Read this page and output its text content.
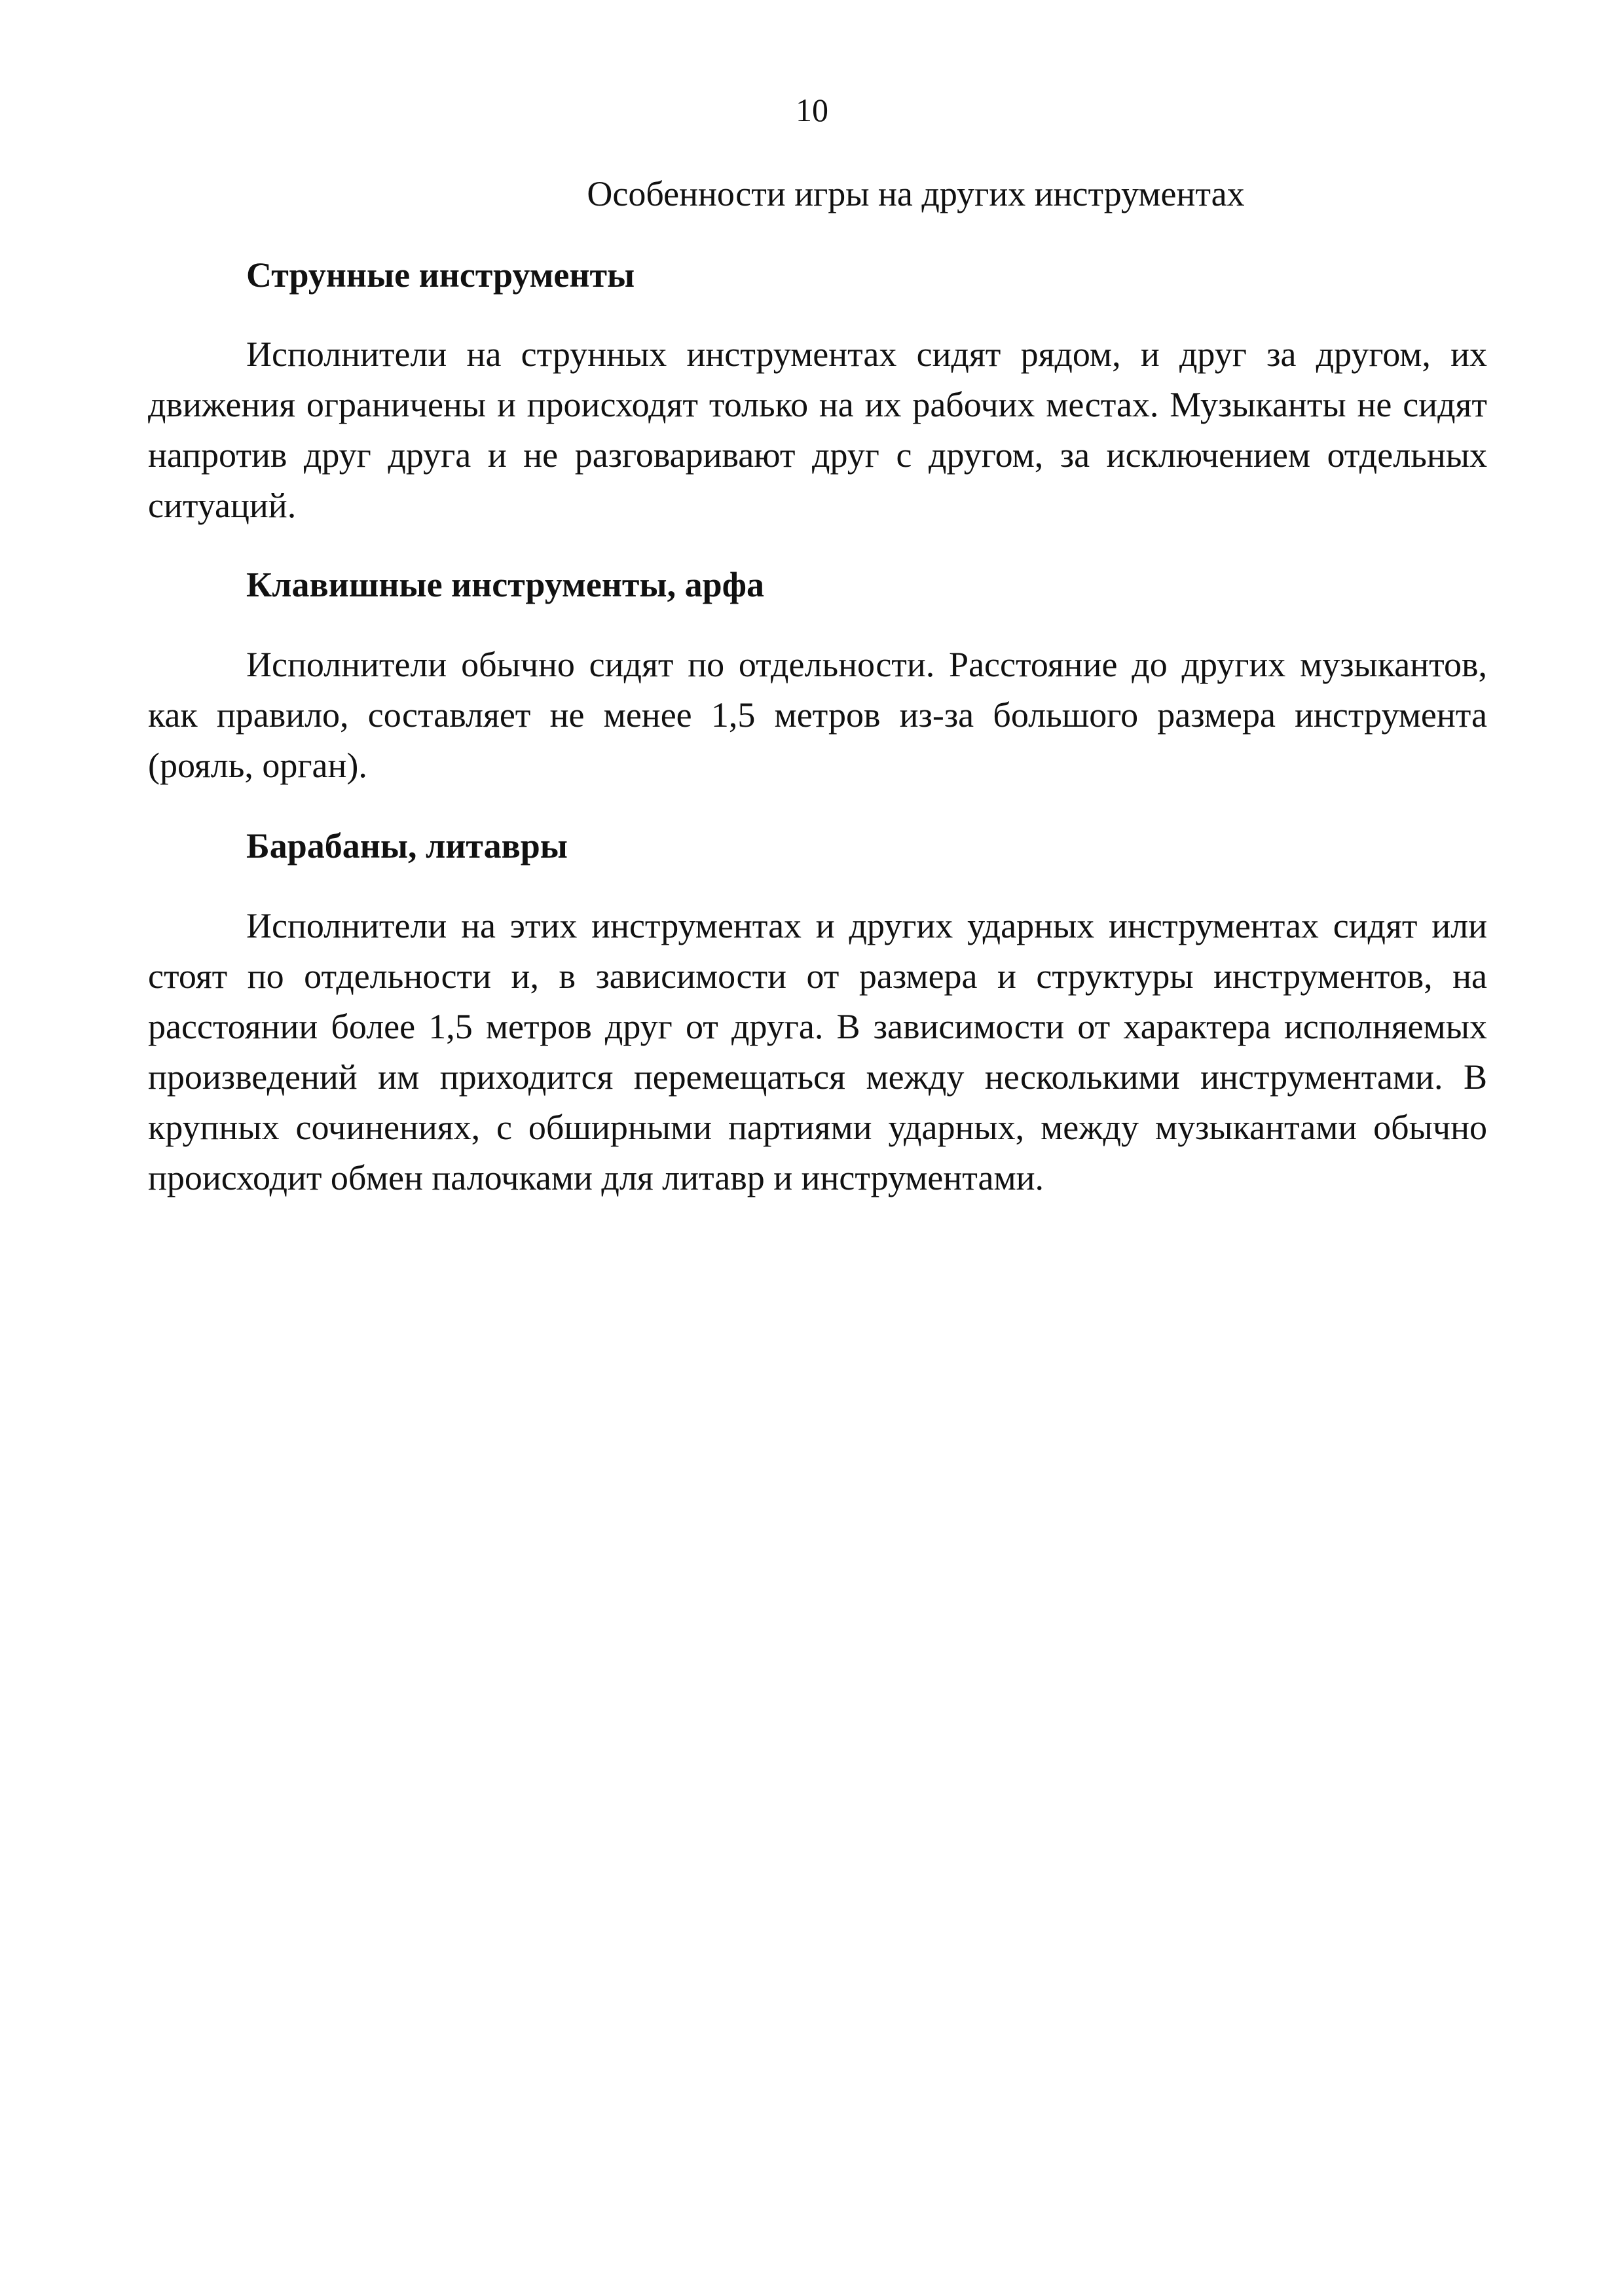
10
Особенности игры на других инструментах
Струнные инструменты

Исполнители на струнных инструментах сидят рядом, и друг за другом, их движения ограничены и происходят только на их рабочих местах. Музыканты не сидят напротив друг друга и не разговаривают друг с другом, за исключением отдельных ситуаций.

Клавишные инструменты, арфа

Исполнители обычно сидят по отдельности. Расстояние до других музыкантов, как правило, составляет не менее 1,5 метров из-за большого размера инструмента (рояль, орган).

Барабаны, литавры

Исполнители на этих инструментах и других ударных инструментах сидят или стоят по отдельности и, в зависимости от размера и структуры инструментов, на расстоянии более 1,5 метров друг от друга. В зависимости от характера исполняемых произведений им приходится перемещаться между несколькими инструментами. В крупных сочинениях, с обширными партиями ударных, между музыкантами обычно происходит обмен палочками для литавр и инструментами.
